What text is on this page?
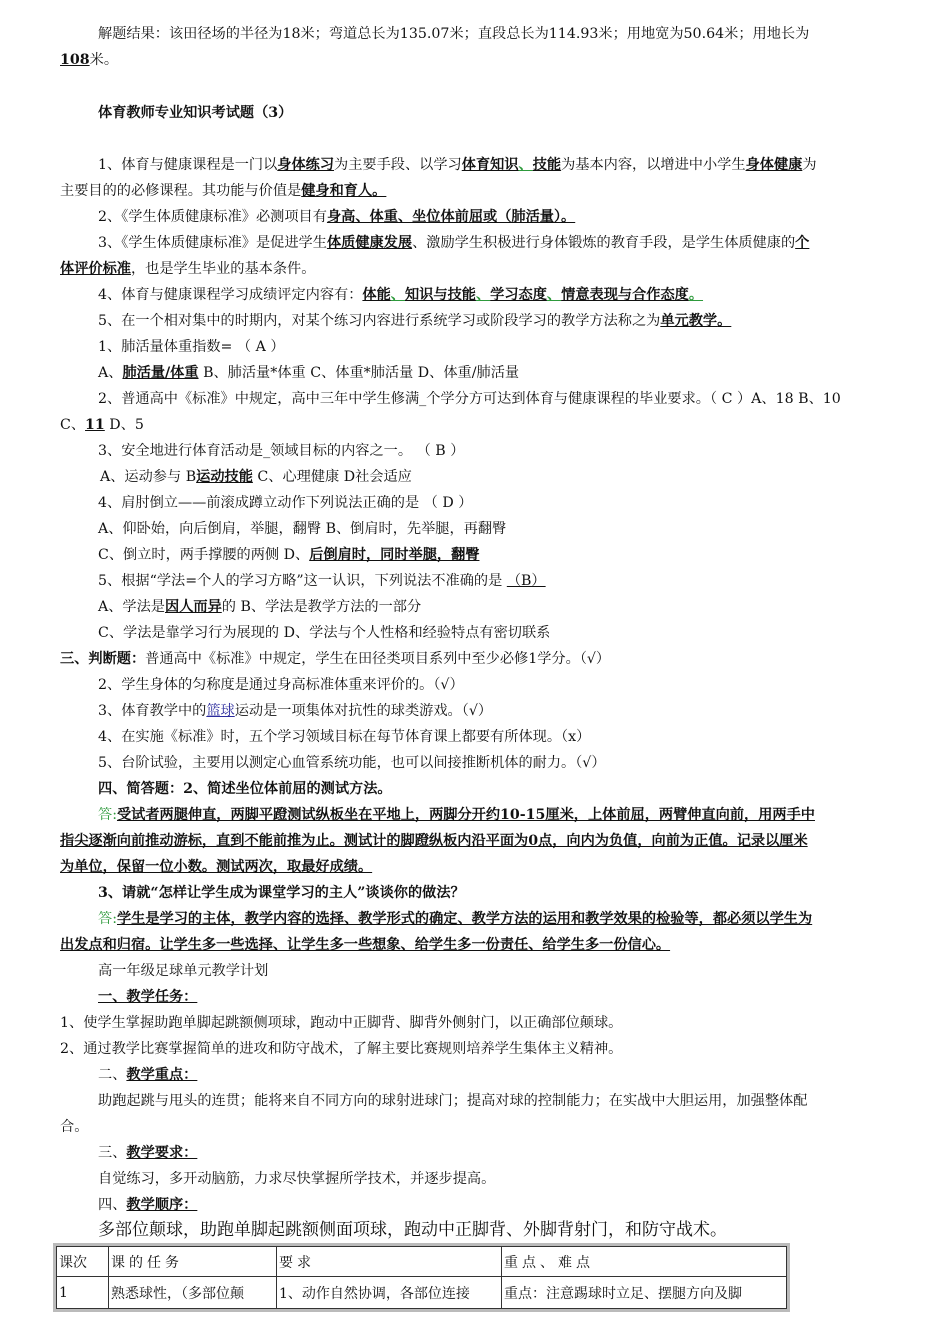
解题结果：该田径场的半径为18米；弯道总长为135.07米；直段总长为114.93米；用地宽为50.64米；用地长为
108米。
体育教师专业知识考试题（3）
1、体育与健康课程是一门以身体练习为主要手段、以学习体育知识、技能为基本内容，以增进中小学生身体健康为
主要目的的必修课程。其功能与价值是健身和育人。
2、《学生体质健康标准》必测项目有身高、体重、坐位体前屈或（肺活量）。
3、《学生体质健康标准》是促进学生体质健康发展、激励学生积极进行身体锻炼的教育手段，是学生体质健康的个
体评价标准，也是学生毕业的基本条件。
4、体育与健康课程学习成绩评定内容有：体能、知识与技能、学习态度、情意表现与合作态度。
5、在一个相对集中的时期内，对某个练习内容进行系统学习或阶段学习的教学方法称之为单元教学。
1、肺活量体重指数= （ A ）
A、肺活量/体重 B、肺活量*体重 C、体重*肺活量 D、体重/肺活量
2、普通高中《标准》中规定，高中三年中学生修满_个学分方可达到体育与健康课程的毕业要求。（ C ）A、18 B、10
C、11 D、5
3、安全地进行体育活动是_领域目标的内容之一。 （ B ）
A、运动参与 B运动技能 C、心理健康 D社会适应
4、肩肘倒立——前滚成蹲立动作下列说法正确的是 （ D ）
A、仰卧始，向后倒肩，举腿，翻臀 B、倒肩时，先举腿，再翻臀
C、倒立时，两手撑腰的两侧 D、后倒肩时，同时举腿，翻臀
5、根据“学法=个人的学习方略”这一认识，下列说法不准确的是 （B）
A、学法是因人而异的 B、学法是教学方法的一部分
C、学法是靠学习行为展现的 D、学法与个人性格和经验特点有密切联系
三、判断题：普通高中《标准》中规定，学生在田径类项目系列中至少必修1学分。（√）
2、学生身体的匀称度是通过身高标准体重来评价的。（√）
3、体育教学中的篮球运动是一项集体对抗性的球类游戏。（√）
4、在实施《标准》时，五个学习领域目标在每节体育课上都要有所体现。（x）
5、台阶试验，主要用以测定心血管系统功能，也可以间接推断机体的耐力。（√）
四、简答题：2、简述坐位体前屈的测试方法。
答:受试者两腿伸直，两脚平蹬测试纵板坐在平地上，两脚分开约10-15厘米，上体前屈，两臂伸直向前，用两手中
指尖逐渐向前推动游标，直到不能前推为止。测试计的脚蹬纵板内沿平面为0点，向内为负值，向前为正值。记录以厘米
为单位，保留一位小数。测试两次，取最好成绩。
3、请就“怎样让学生成为课堂学习的主人”谈谈你的做法？
答:学生是学习的主体，教学内容的选择、教学形式的确定、教学方法的运用和教学效果的检验等，都必须以学生为
出发点和归宿。让学生多一些选择、让学生多一些想象、给学生多一份责任、给学生多一份信心。
高一年级足球单元教学计划
一、教学任务：
1、使学生掌握助跑单脚起跳额侧项球，跑动中正脚背、脚背外侧射门，以正确部位颠球。
2、通过教学比赛掌握简单的进攻和防守战术，了解主要比赛规则培养学生集体主义精神。
二、教学重点：
助跑起跳与甩头的连贯；能将来自不同方向的球射进球门；提高对球的控制能力；在实战中大胆运用，加强整体配
合。
三、教学要求：
自觉练习，多开动脑筋，力求尽快掌握所学技术，并逐步提高。
四、教学顺序：
多部位颠球，助跑单脚起跳额侧面项球，跑动中正脚背、外脚背射门，和防守战术。
课次	课的任务	要求	重点、难点
1	熟悉球性，（多部位颠	1、动作自然协调，各部位连接	重点：注意踢球时立足、摆腿方向及脚
